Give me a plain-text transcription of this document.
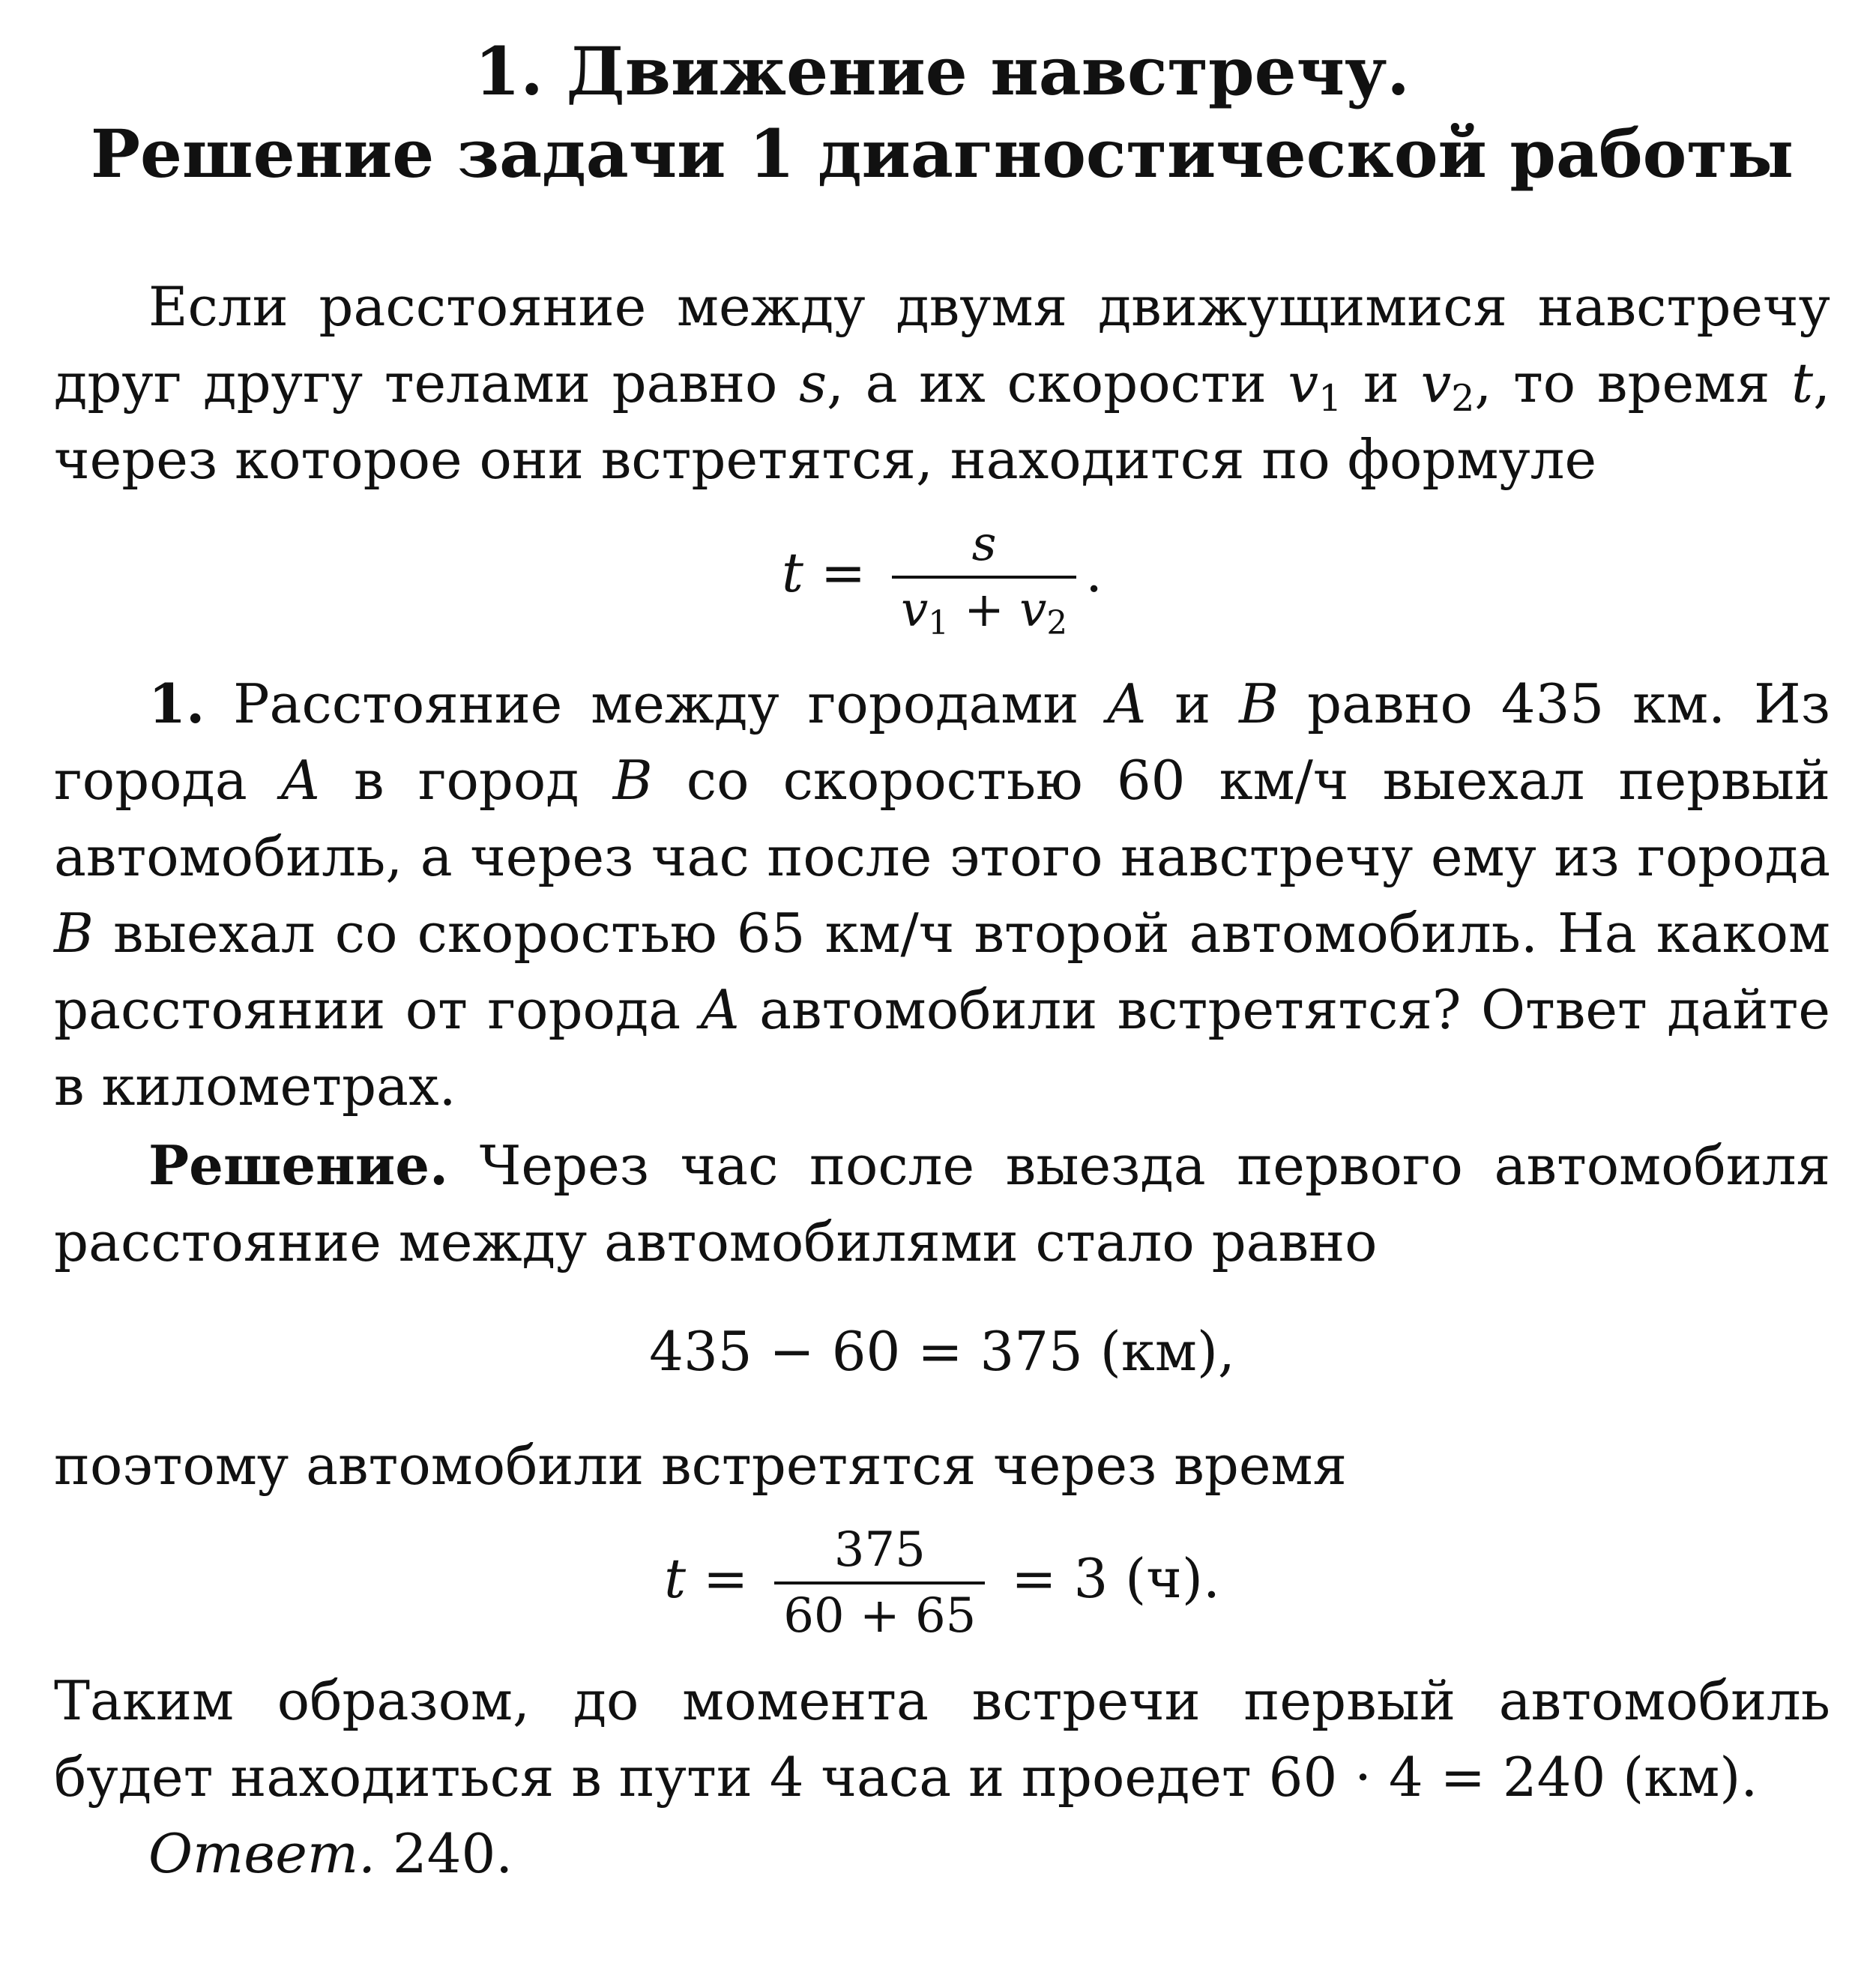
1. Движение навстречу.
Решение задачи 1 диагностической работы

Если расстояние между двумя движущимися навстречу друг другу телами равно s, а их скорости $v_1$ и $v_2$, то время t, через которое они встретятся, находится по формуле

$t = \frac{s}{v_1 + v_2}$ .

1. Расстояние между городами A и B равно 435 км. Из города A в город B со скоростью 60 км/ч выехал первый автомобиль, а через час после этого навстречу ему из города B выехал со скоростью 65 км/ч второй автомобиль. На каком расстоянии от города A автомобили встретятся? Ответ дайте в километрах.

Решение. Через час после выезда первого автомобиля расстояние между автомобилями стало равно

435 − 60 = 375 (км),

поэтому автомобили встретятся через время

$t = \frac{375}{60 + 65} = 3$ (ч).

Таким образом, до момента встречи первый автомобиль будет находиться в пути 4 часа и проедет 60 · 4 = 240 (км).

Ответ. 240.
